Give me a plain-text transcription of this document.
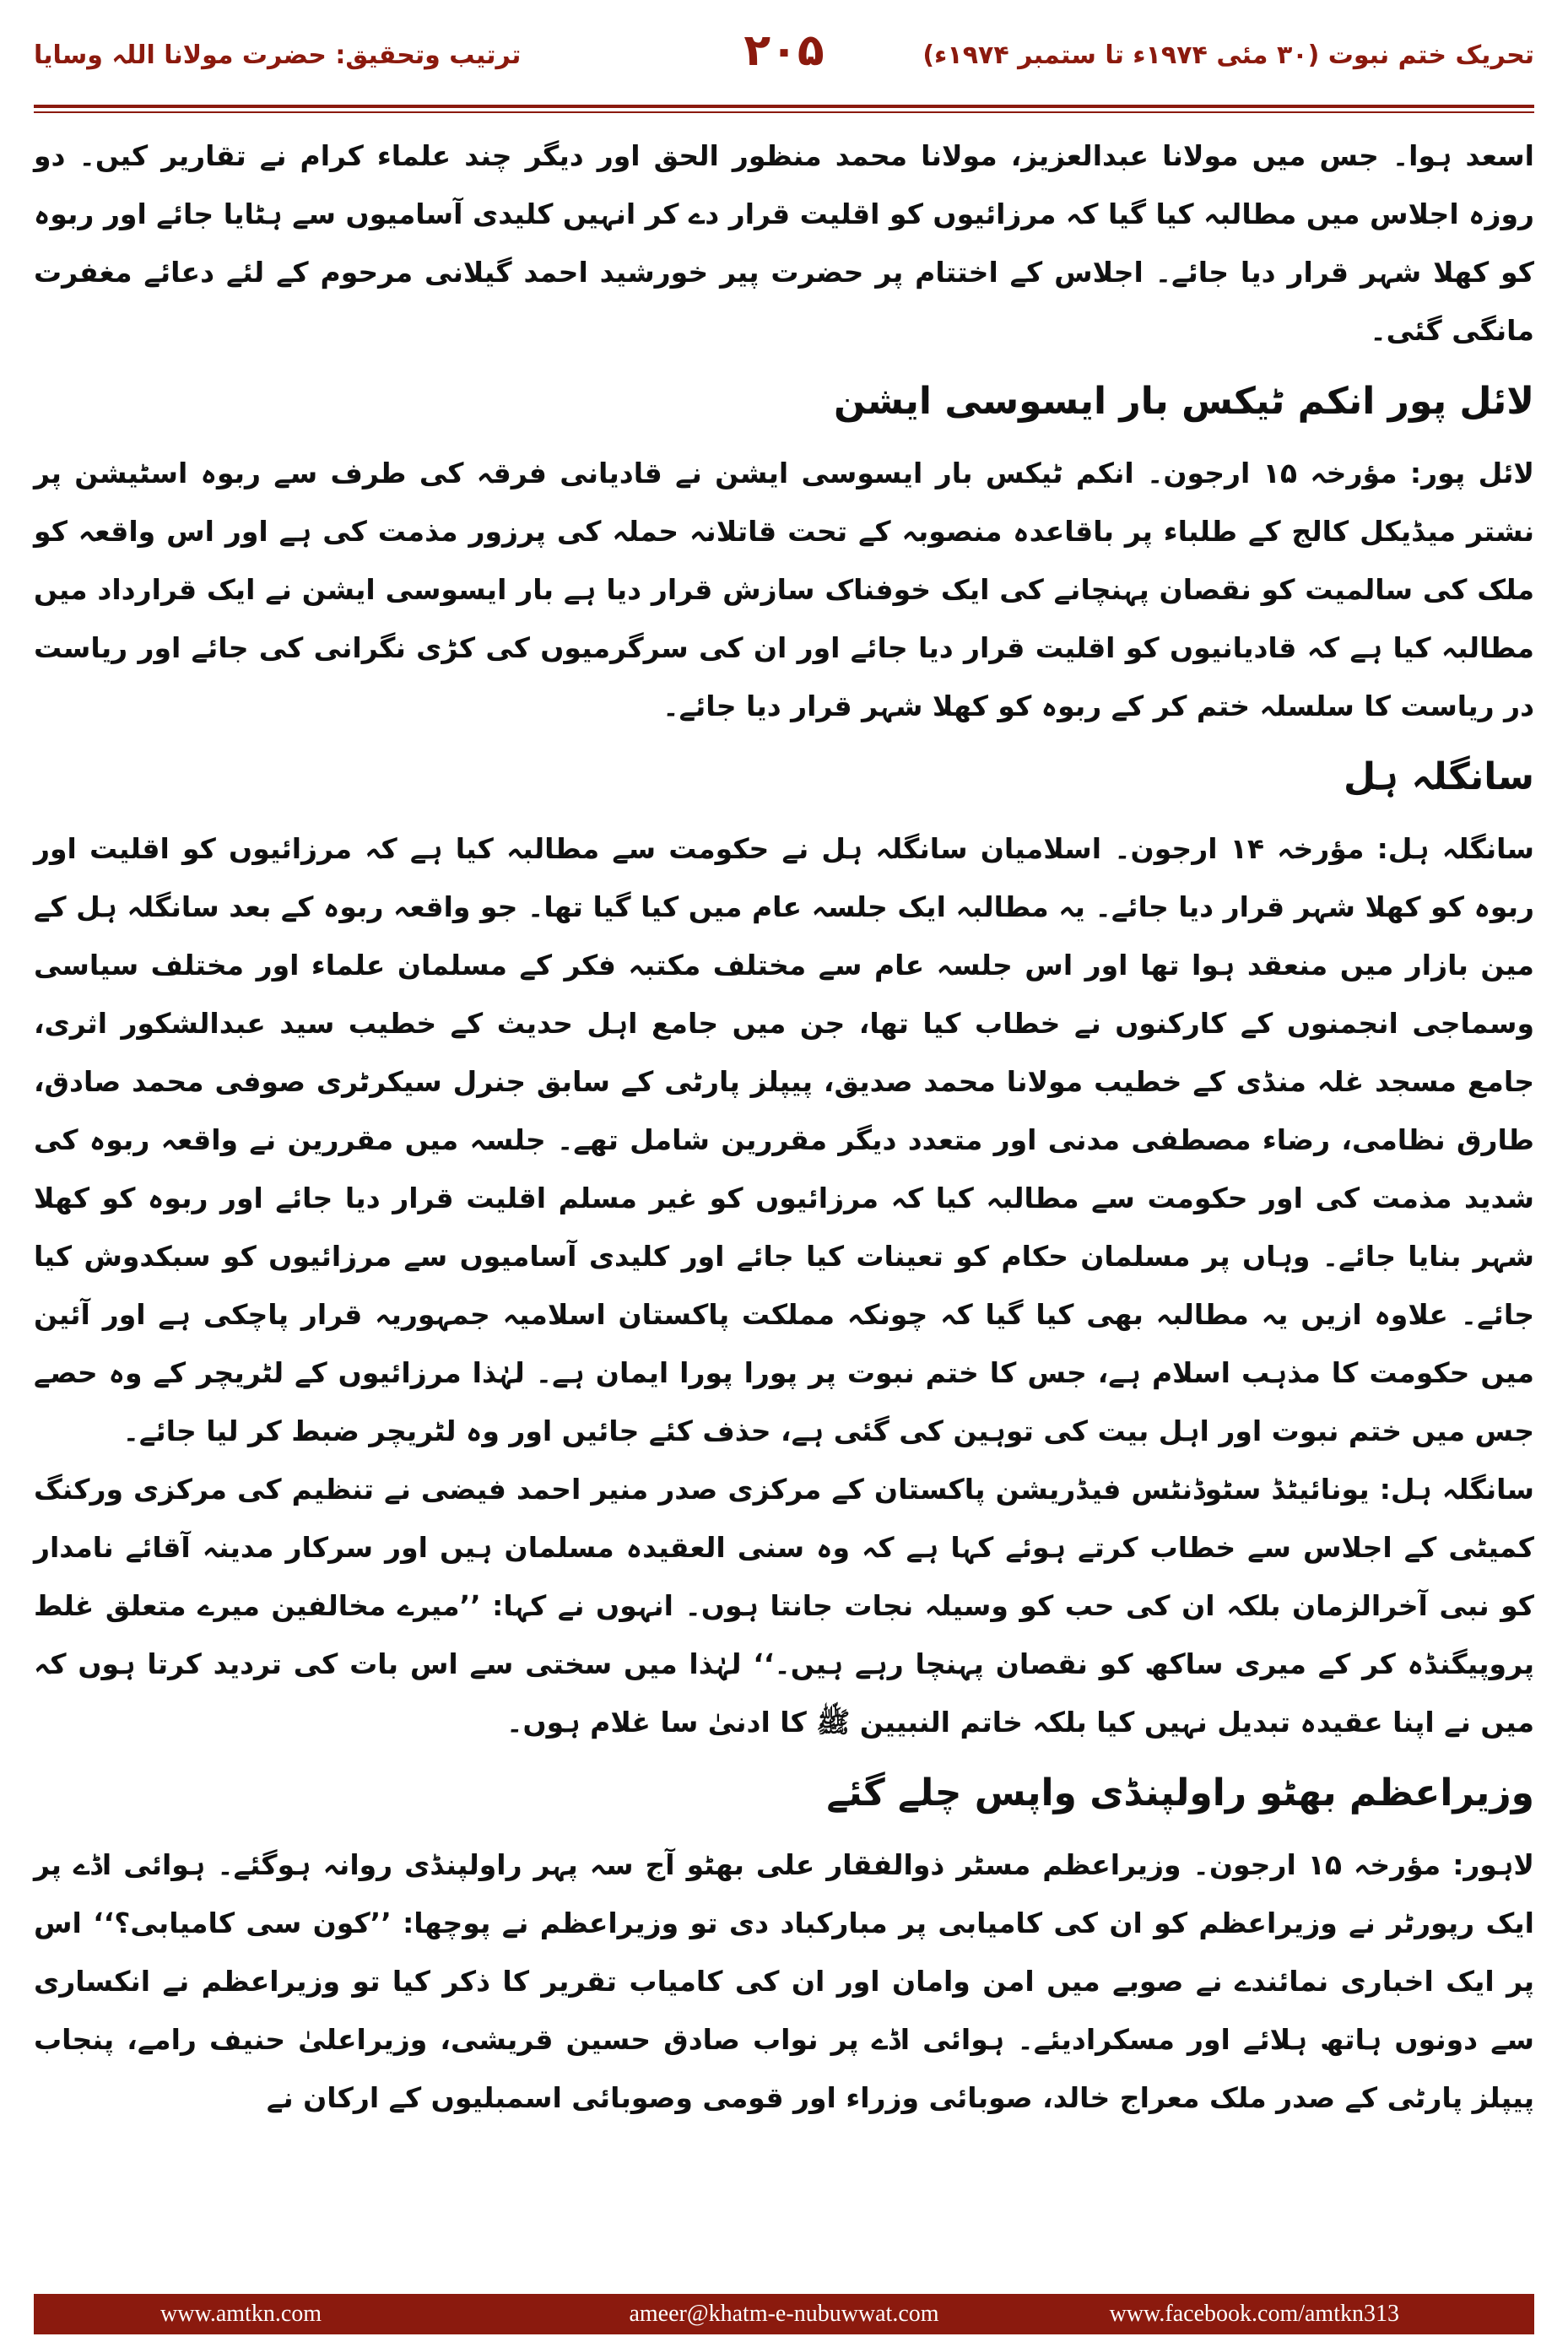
تحریک ختم نبوت (۳۰ مئی ۱۹۷۴ء تا ستمبر ۱۹۷۴ء)
۲۰۵
ترتیب وتحقیق: حضرت مولانا اللہ وسایا

اسعد ہوا۔ جس میں مولانا عبدالعزیز، مولانا محمد منظور الحق اور دیگر چند علماء کرام نے تقاریر کیں۔ دو روزہ اجلاس میں مطالبہ کیا گیا کہ مرزائیوں کو اقلیت قرار دے کر انہیں کلیدی آسامیوں سے ہٹایا جائے اور ربوہ کو کھلا شہر قرار دیا جائے۔ اجلاس کے اختتام پر حضرت پیر خورشید احمد گیلانی مرحوم کے لئے دعائے مغفرت مانگی گئی۔

لائل پور انکم ٹیکس بار ایسوسی ایشن

لائل پور: مؤرخہ ۱۵ ارجون۔ انکم ٹیکس بار ایسوسی ایشن نے قادیانی فرقہ کی طرف سے ربوہ اسٹیشن پر نشتر میڈیکل کالج کے طلباء پر باقاعدہ منصوبہ کے تحت قاتلانہ حملہ کی پرزور مذمت کی ہے اور اس واقعہ کو ملک کی سالمیت کو نقصان پہنچانے کی ایک خوفناک سازش قرار دیا ہے بار ایسوسی ایشن نے ایک قرارداد میں مطالبہ کیا ہے کہ قادیانیوں کو اقلیت قرار دیا جائے اور ان کی سرگرمیوں کی کڑی نگرانی کی جائے اور ریاست در ریاست کا سلسلہ ختم کر کے ربوہ کو کھلا شہر قرار دیا جائے۔

سانگلہ ہل

سانگلہ ہل: مؤرخہ ۱۴ ارجون۔ اسلامیان سانگلہ ہل نے حکومت سے مطالبہ کیا ہے کہ مرزائیوں کو اقلیت اور ربوہ کو کھلا شہر قرار دیا جائے۔ یہ مطالبہ ایک جلسہ عام میں کیا گیا تھا۔ جو واقعہ ربوہ کے بعد سانگلہ ہل کے مین بازار میں منعقد ہوا تھا اور اس جلسہ عام سے مختلف مکتبہ فکر کے مسلمان علماء اور مختلف سیاسی وسماجی انجمنوں کے کارکنوں نے خطاب کیا تھا، جن میں جامع اہل حدیث کے خطیب سید عبدالشکور اثری، جامع مسجد غلہ منڈی کے خطیب مولانا محمد صدیق، پیپلز پارٹی کے سابق جنرل سیکرٹری صوفی محمد صادق، طارق نظامی، رضاء مصطفی مدنی اور متعدد دیگر مقررین شامل تھے۔ جلسہ میں مقررین نے واقعہ ربوہ کی شدید مذمت کی اور حکومت سے مطالبہ کیا کہ مرزائیوں کو غیر مسلم اقلیت قرار دیا جائے اور ربوہ کو کھلا شہر بنایا جائے۔ وہاں پر مسلمان حکام کو تعینات کیا جائے اور کلیدی آسامیوں سے مرزائیوں کو سبکدوش کیا جائے۔ علاوہ ازیں یہ مطالبہ بھی کیا گیا کہ چونکہ مملکت پاکستان اسلامیہ جمہوریہ قرار پاچکی ہے اور آئین میں حکومت کا مذہب اسلام ہے، جس کا ختم نبوت پر پورا پورا ایمان ہے۔ لہٰذا مرزائیوں کے لٹریچر کے وہ حصے جس میں ختم نبوت اور اہل بیت کی توہین کی گئی ہے، حذف کئے جائیں اور وہ لٹریچر ضبط کر لیا جائے۔

سانگلہ ہل: یونائیٹڈ سٹوڈنٹس فیڈریشن پاکستان کے مرکزی صدر منیر احمد فیضی نے تنظیم کی مرکزی ورکنگ کمیٹی کے اجلاس سے خطاب کرتے ہوئے کہا ہے کہ وہ سنی العقیدہ مسلمان ہیں اور سرکار مدینہ آقائے نامدار کو نبی آخرالزمان بلکہ ان کی حب کو وسیلہ نجات جانتا ہوں۔ انہوں نے کہا: ’’میرے مخالفین میرے متعلق غلط پروپیگنڈہ کر کے میری ساکھ کو نقصان پہنچا رہے ہیں۔‘‘ لہٰذا میں سختی سے اس بات کی تردید کرتا ہوں کہ میں نے اپنا عقیدہ تبدیل نہیں کیا بلکہ خاتم النبیین ﷺ کا ادنیٰ سا غلام ہوں۔

وزیراعظم بھٹو راولپنڈی واپس چلے گئے

لاہور: مؤرخہ ۱۵ ارجون۔ وزیراعظم مسٹر ذوالفقار علی بھٹو آج سہ پہر راولپنڈی روانہ ہوگئے۔ ہوائی اڈے پر ایک رپورٹر نے وزیراعظم کو ان کی کامیابی پر مبارکباد دی تو وزیراعظم نے پوچھا: ’’کون سی کامیابی؟‘‘ اس پر ایک اخباری نمائندے نے صوبے میں امن وامان اور ان کی کامیاب تقریر کا ذکر کیا تو وزیراعظم نے انکساری سے دونوں ہاتھ ہلائے اور مسکرادیئے۔ ہوائی اڈے پر نواب صادق حسین قریشی، وزیراعلیٰ حنیف رامے، پنجاب پیپلز پارٹی کے صدر ملک معراج خالد، صوبائی وزراء اور قومی وصوبائی اسمبلیوں کے ارکان نے

www.amtkn.com	ameer@khatm-e-nubuwwat.com	www.facebook.com/amtkn313
